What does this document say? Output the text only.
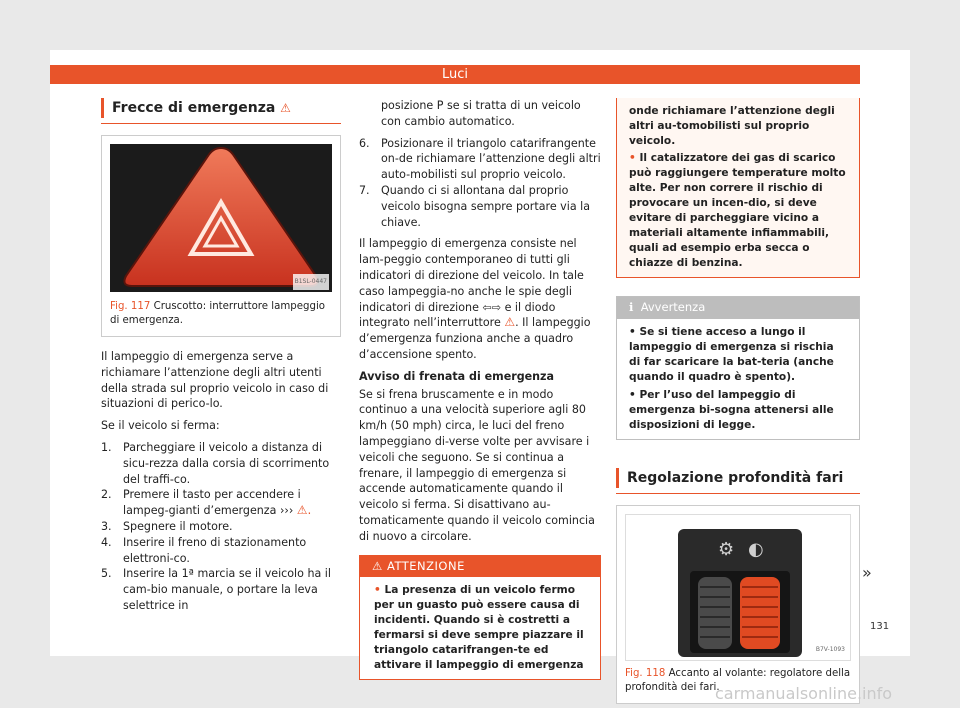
Luci
Frecce di emergenza ⚠
B1SL-0447
Fig. 117 Cruscotto: interruttore lampeggio di emergenza.

Il lampeggio di emergenza serve a richiamare l’attenzione degli altri utenti della strada sul proprio veicolo in caso di situazioni di perico-lo.

Se il veicolo si ferma:

1. Parcheggiare il veicolo a distanza di sicu-rezza dalla corsia di scorrimento del traffi-co.
2. Premere il tasto per accendere i lampeg-gianti d’emergenza ››› ⚠.
3. Spegnere il motore.
4. Inserire il freno di stazionamento elettroni-co.
5. Inserire la 1ª marcia se il veicolo ha il cam-bio manuale, o portare la leva selettrice in

posizione P se si tratta di un veicolo con cambio automatico.

6. Posizionare il triangolo catarifrangente on-de richiamare l’attenzione degli altri auto-mobilisti sul proprio veicolo.
7. Quando ci si allontana dal proprio veicolo bisogna sempre portare via la chiave.

Il lampeggio di emergenza consiste nel lam-peggio contemporaneo di tutti gli indicatori di direzione del veicolo. In tale caso lampeggia-no anche le spie degli indicatori di direzione ⇦⇨ e il diodo integrato nell’interruttore ⚠. Il lampeggio d’emergenza funziona anche a quadro d’accensione spento.

Avviso di frenata di emergenza

Se si frena bruscamente e in modo continuo a una velocità superiore agli 80 km/h (50 mph) circa, le luci del freno lampeggiano di-verse volte per avvisare i veicoli che seguono. Se si continua a frenare, il lampeggio di emergenza si accende automaticamente quando il veicolo si ferma. Si disattivano au-tomaticamente quando il veicolo comincia di nuovo a circolare.

⚠ ATTENZIONE
• La presenza di un veicolo fermo per un guasto può essere causa di incidenti. Quando si è costretti a fermarsi si deve sempre piazzare il triangolo catarifrangen-te ed attivare il lampeggio di emergenza
onde richiamare l’attenzione degli altri au-tomobilisti sul proprio veicolo.
• Il catalizzatore dei gas di scarico può raggiungere temperature molto alte. Per non correre il rischio di provocare un incen-dio, si deve evitare di parcheggiare vicino a materiali altamente infiammabili, quali ad esempio erba secca o chiazze di benzina.
ℹ Avvertenza
• Se si tiene acceso a lungo il lampeggio di emergenza si rischia di far scaricare la bat-teria (anche quando il quadro è spento).
• Per l’uso del lampeggio di emergenza bi-sogna attenersi alle disposizioni di legge.
Regolazione profondità fari
⚙ ◐
B7V-1093
Fig. 118 Accanto al volante: regolatore della profondità dei fari.
»
131
carmanualsonline.info
